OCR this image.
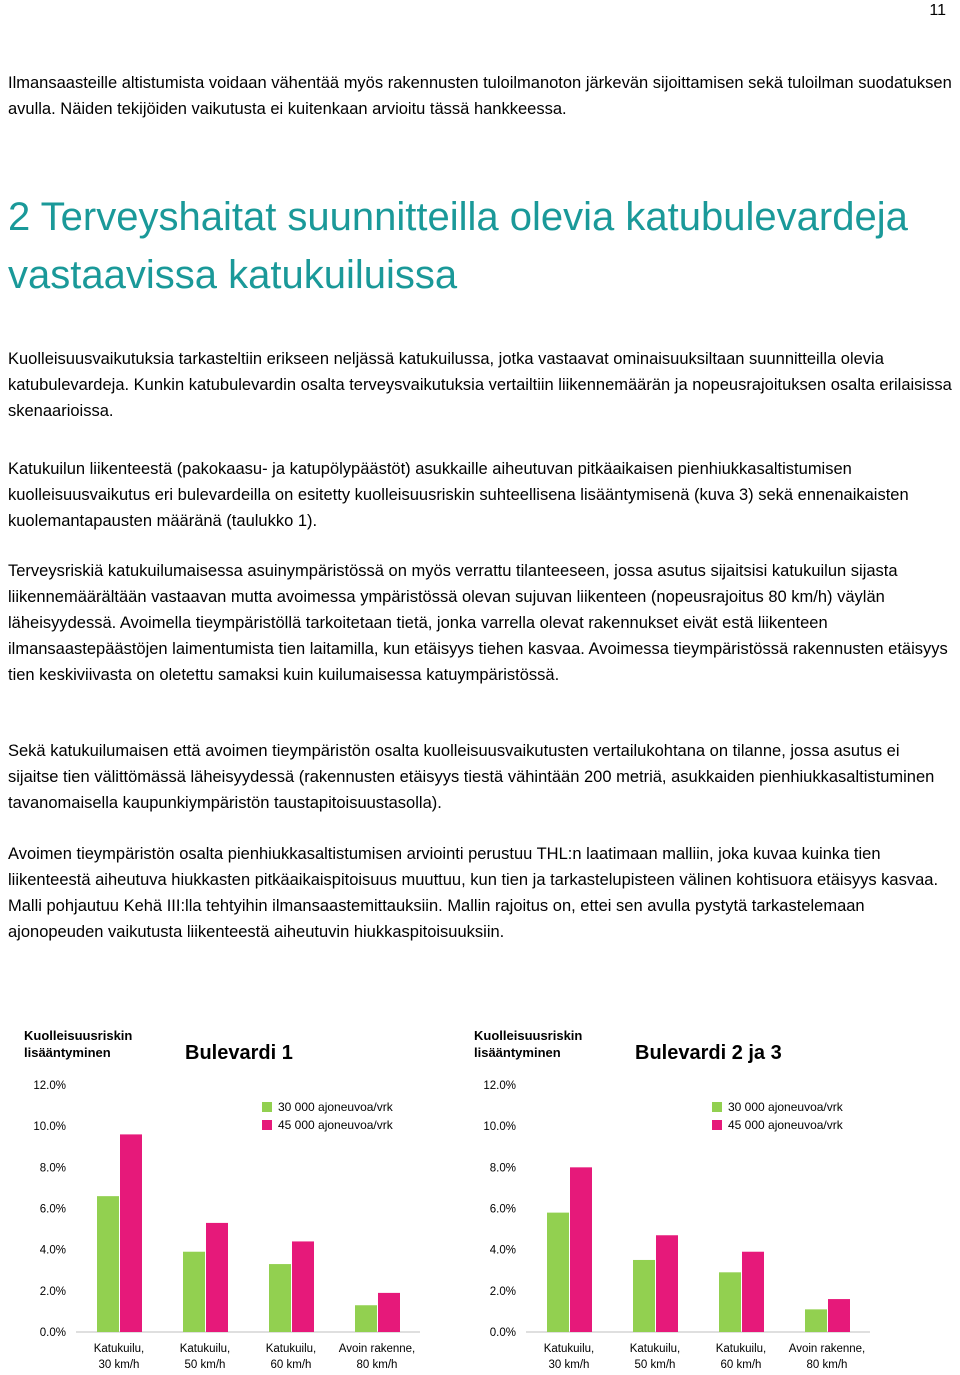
11

Ilmansaasteille altistumista voidaan vähentää myös rakennusten tuloilmanoton järkevän sijoittamisen sekä tuloilman suodatuksen avulla. Näiden tekijöiden vaikutusta ei kuitenkaan arvioitu tässä hankkeessa.

2 Terveyshaitat suunnitteilla olevia katubulevardeja vastaavissa katukuiluissa

Kuolleisuusvaikutuksia tarkasteltiin erikseen neljässä katukuilussa, jotka vastaavat ominaisuuksiltaan suunnitteilla olevia katubulevardeja. Kunkin katubulevardin osalta terveysvaikutuksia vertailtiin liikennemäärän ja nopeusrajoituksen osalta erilaisissa skenaarioissa.

Katukuilun liikenteestä (pakokaasu- ja katupölypäästöt) asukkaille aiheutuvan pitkäaikaisen pienhiukkasaltistumisen kuolleisuusvaikutus eri bulevardeilla on esitetty kuolleisuusriskin suhteellisena lisääntymisenä (kuva 3) sekä ennenaikaisten kuolemantapausten määränä (taulukko 1).

Terveysriskiä katukuilumaisessa asuinympäristössä on myös verrattu tilanteeseen, jossa asutus sijaitsisi katukuilun sijasta liikennemäärältään vastaavan mutta avoimessa ympäristössä olevan sujuvan liikenteen (nopeusrajoitus 80 km/h) väylän läheisyydessä. Avoimella tieympäristöllä tarkoitetaan tietä, jonka varrella olevat rakennukset eivät estä liikenteen ilmansaastepäästöjen laimentumista tien laitamilla, kun etäisyys tiehen kasvaa. Avoimessa tieympäristössä rakennusten etäisyys tien keskiviivasta on oletettu samaksi kuin kuilumaisessa katuympäristössä.

Sekä katukuilumaisen että avoimen tieympäristön osalta kuolleisuusvaikutusten vertailukohtana on tilanne, jossa asutus ei sijaitse tien välittömässä läheisyydessä (rakennusten etäisyys tiestä vähintään 200 metriä, asukkaiden pienhiukkasaltistuminen tavanomaisella kaupunkiympäristön taustapitoisuustasolla).

Avoimen tieympäristön osalta pienhiukkasaltistumisen arviointi perustuu THL:n laatimaan malliin, joka kuvaa kuinka tien liikenteestä aiheutuva hiukkasten pitkäaikaispitoisuus muuttuu, kun tien ja tarkastelupisteen välinen kohtisuora etäisyys kasvaa. Malli pohjautuu Kehä III:lla tehtyihin ilmansaastemittauksiin. Mallin rajoitus on, ettei sen avulla pystytä tarkastelemaan ajonopeuden vaikutusta liikenteestä aiheutuvin hiukkaspitoisuuksiin.

Kuolleisuusriskin
lisääntyminen	Bulevardi 1
0.0%
2.0%
4.0%
6.0%
8.0%
10.0%
12.0%
Katukuilu,
30 km/h
Katukuilu,
50 km/h
Katukuilu,
60 km/h
Avoin rakenne,
80 km/h
30 000 ajoneuvoa/vrk
45 000 ajoneuvoa/vrk
Kuolleisuusriskin
lisääntyminen	Bulevardi 2 ja 3
0.0%
2.0%
4.0%
6.0%
8.0%
10.0%
12.0%
Katukuilu,
30 km/h
Katukuilu,
50 km/h
Katukuilu,
60 km/h
Avoin rakenne,
80 km/h
30 000 ajoneuvoa/vrk
45 000 ajoneuvoa/vrk
